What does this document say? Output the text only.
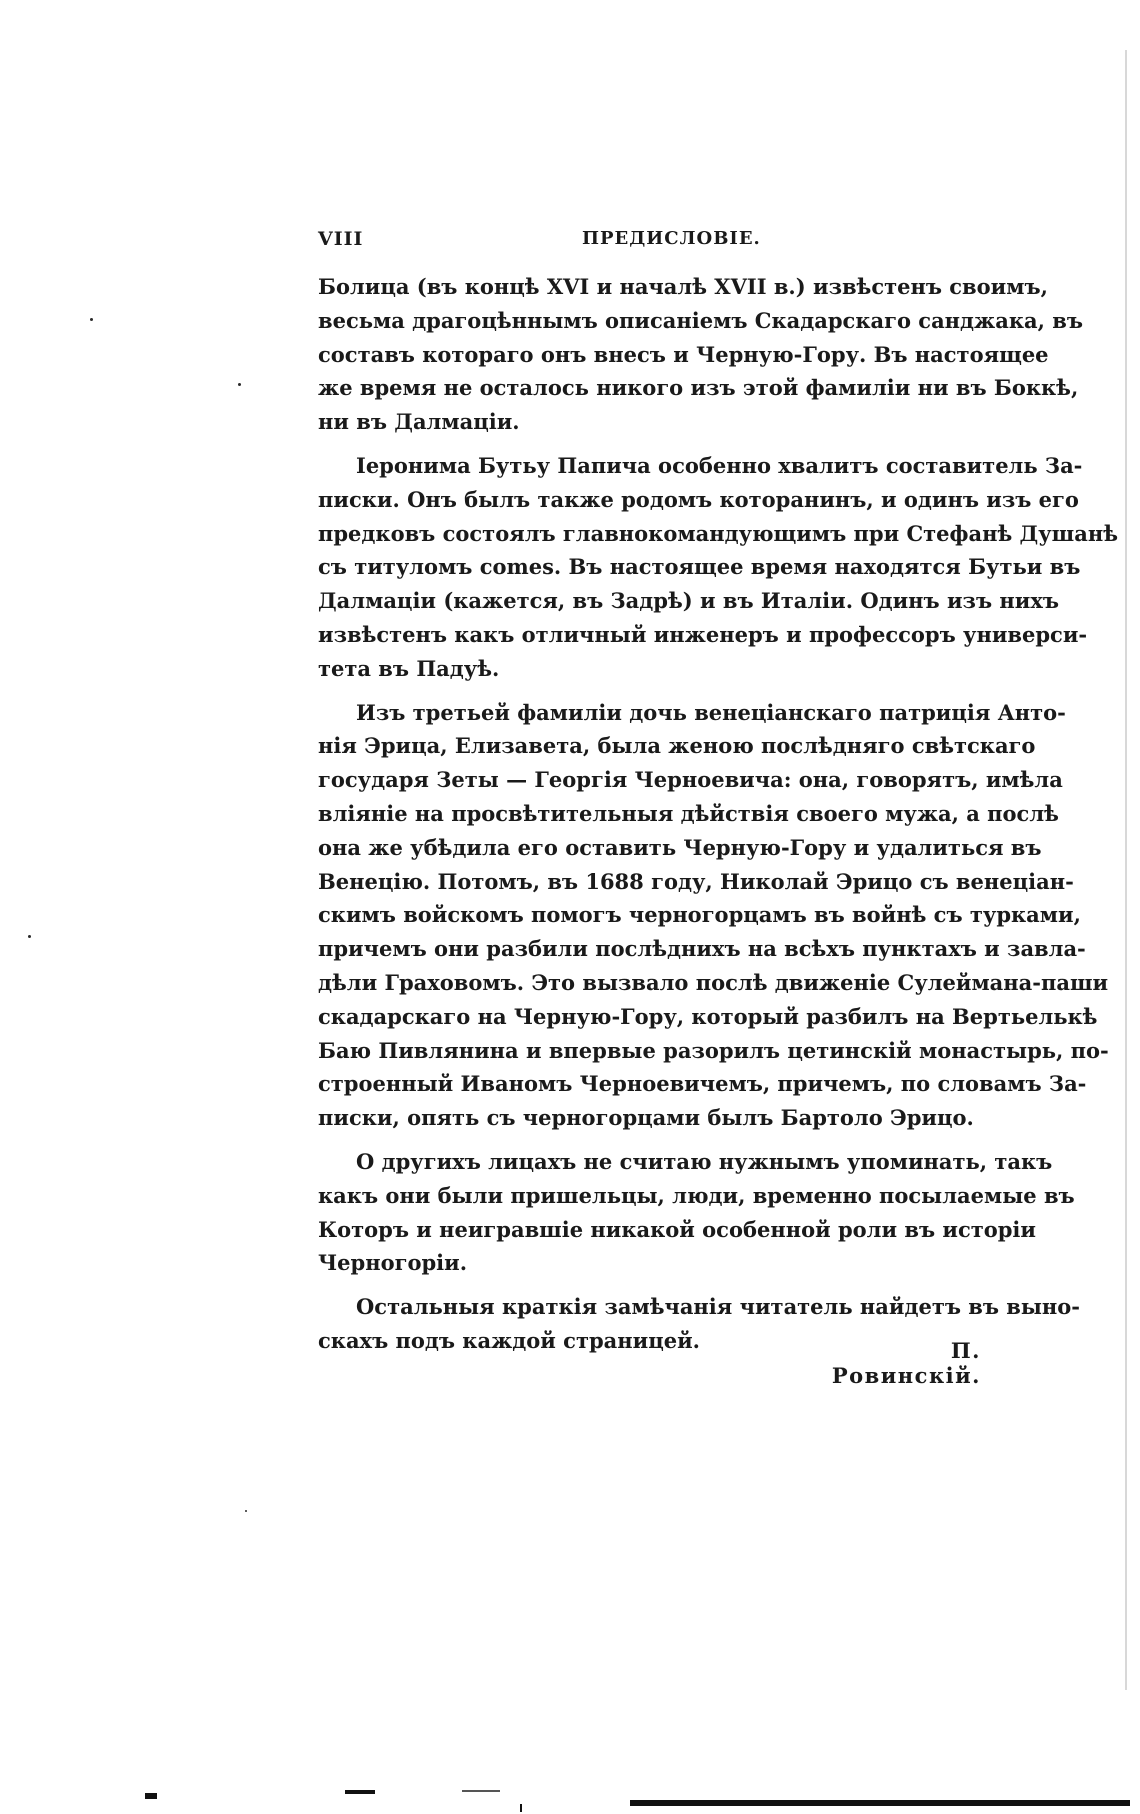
VIII	ПРЕДИСЛОВІЕ.
Болица (въ концѣ XVI и началѣ XVII в.) извѣстенъ своимъ,
весьма драгоцѣннымъ описаніемъ Скадарскаго санджака, въ
составъ котораго онъ внесъ и Черную-Гору. Въ настоящее
же время не осталось никого изъ этой фамиліи ни въ Боккѣ,
ни въ Далмаціи.
Іеронима Бутьу Папича особенно хвалитъ составитель За-
писки. Онъ былъ также родомъ которанинъ, и одинъ изъ его
предковъ состоялъ главнокомандующимъ при Стефанѣ Душанѣ
съ титуломъ comes. Въ настоящее время находятся Бутьи въ
Далмаціи (кажется, въ Задрѣ) и въ Италіи. Одинъ изъ нихъ
извѣстенъ какъ отличный инженеръ и профессоръ универси-
тета въ Падуѣ.
Изъ третьей фамиліи дочь венеціанскаго патриція Анто-
нія Эрица, Елизавета, была женою послѣдняго свѣтскаго
государя Зеты — Георгія Черноевича: она, говорятъ, имѣла
вліяніе на просвѣтительныя дѣйствія своего мужа, а послѣ
она же убѣдила его оставить Черную-Гору и удалиться въ
Венецію. Потомъ, въ 1688 году, Николай Эрицо съ венеціан-
скимъ войскомъ помогъ черногорцамъ въ войнѣ съ турками,
причемъ они разбили послѣднихъ на всѣхъ пунктахъ и завла-
дѣли Граховомъ. Это вызвало послѣ движеніе Сулеймана-паши
скадарскаго на Черную-Гору, который разбилъ на Вертьелькѣ
Баю Пивлянина и впервые разорилъ цетинскій монастырь, по-
строенный Иваномъ Черноевичемъ, причемъ, по словамъ За-
писки, опять съ черногорцами былъ Бартоло Эрицо.
О другихъ лицахъ не считаю нужнымъ упоминать, такъ
какъ они были пришельцы, люди, временно посылаемые въ
Которъ и неигравшіе никакой особенной роли въ исторіи
Черногоріи.
Остальныя краткія замѣчанія читатель найдетъ въ выно-
скахъ подъ каждой страницей.	П. Ровинскій.
